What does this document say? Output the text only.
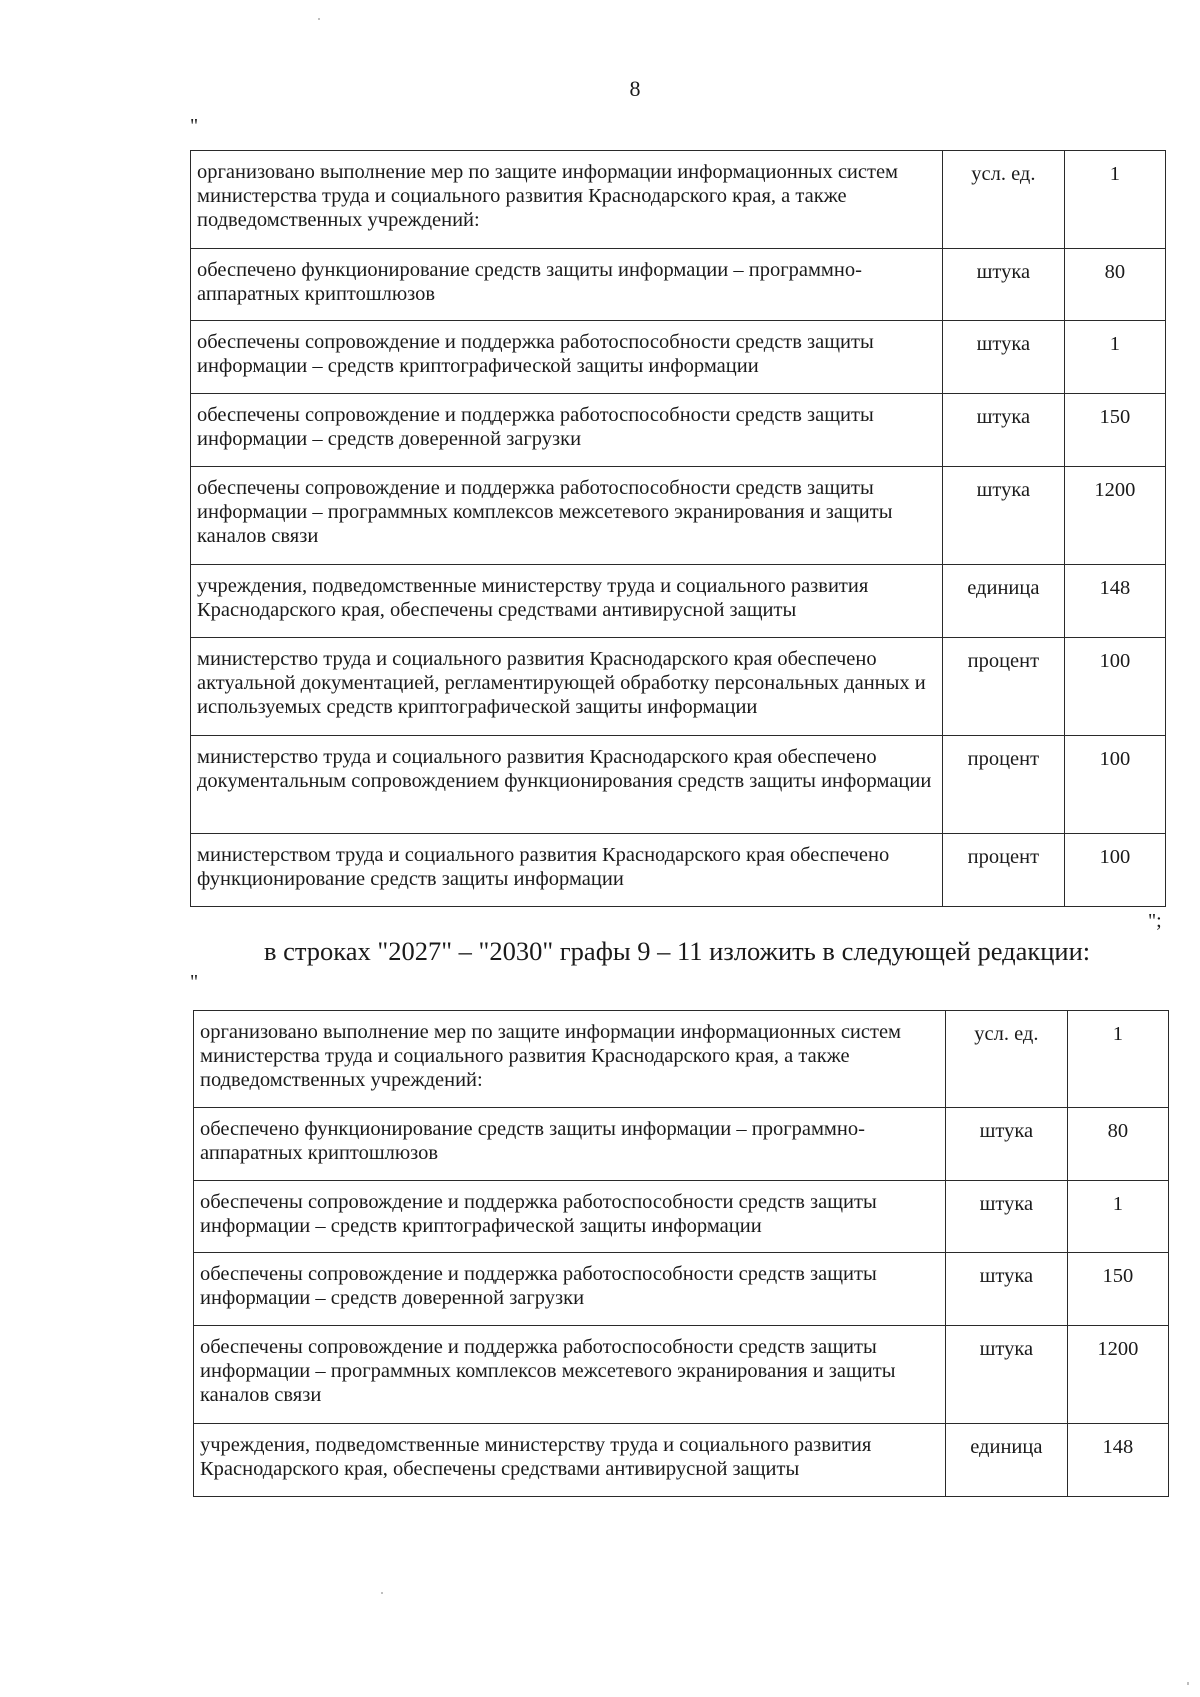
8
"
организовано выполнение мер по защите информации информационных систем министерства труда и социального развития Краснодарского края, а также подведомственных учреждений:	усл. ед.	1
обеспечено функционирование средств защиты информации – программно-аппаратных криптошлюзов	штука	80
обеспечены сопровождение и поддержка работоспособности средств защиты информации – средств криптографической защиты информации	штука	1
обеспечены сопровождение и поддержка работоспособности средств защиты информации – средств доверенной загрузки	штука	150
обеспечены сопровождение и поддержка работоспособности средств защиты информации – программных комплексов межсетевого экранирования и защиты каналов связи	штука	1200
учреждения, подведомственные министерству труда и социального развития Краснодарского края, обеспечены средствами антивирусной защиты	единица	148
министерство труда и социального развития Краснодарского края обеспечено актуальной документацией, регламентирующей обработку персональных данных и используемых средств криптографической защиты информации	процент	100
министерство труда и социального развития Краснодарского края обеспечено документальным сопровождением функционирования средств защиты информации	процент	100
министерством труда и социального развития Краснодарского края обеспечено функционирование средств защиты информации	процент	100
";
в строках "2027" – "2030" графы 9 – 11 изложить в следующей редакции:
"
организовано выполнение мер по защите информации информационных систем министерства труда и социального развития Краснодарского края, а также подведомственных учреждений:	усл. ед.	1
обеспечено функционирование средств защиты информации – программно-аппаратных криптошлюзов	штука	80
обеспечены сопровождение и поддержка работоспособности средств защиты информации – средств криптографической защиты информации	штука	1
обеспечены сопровождение и поддержка работоспособности средств защиты информации – средств доверенной загрузки	штука	150
обеспечены сопровождение и поддержка работоспособности средств защиты информации – программных комплексов межсетевого экранирования и защиты каналов связи	штука	1200
учреждения, подведомственные министерству труда и социального развития Краснодарского края, обеспечены средствами антивирусной защиты	единица	148
